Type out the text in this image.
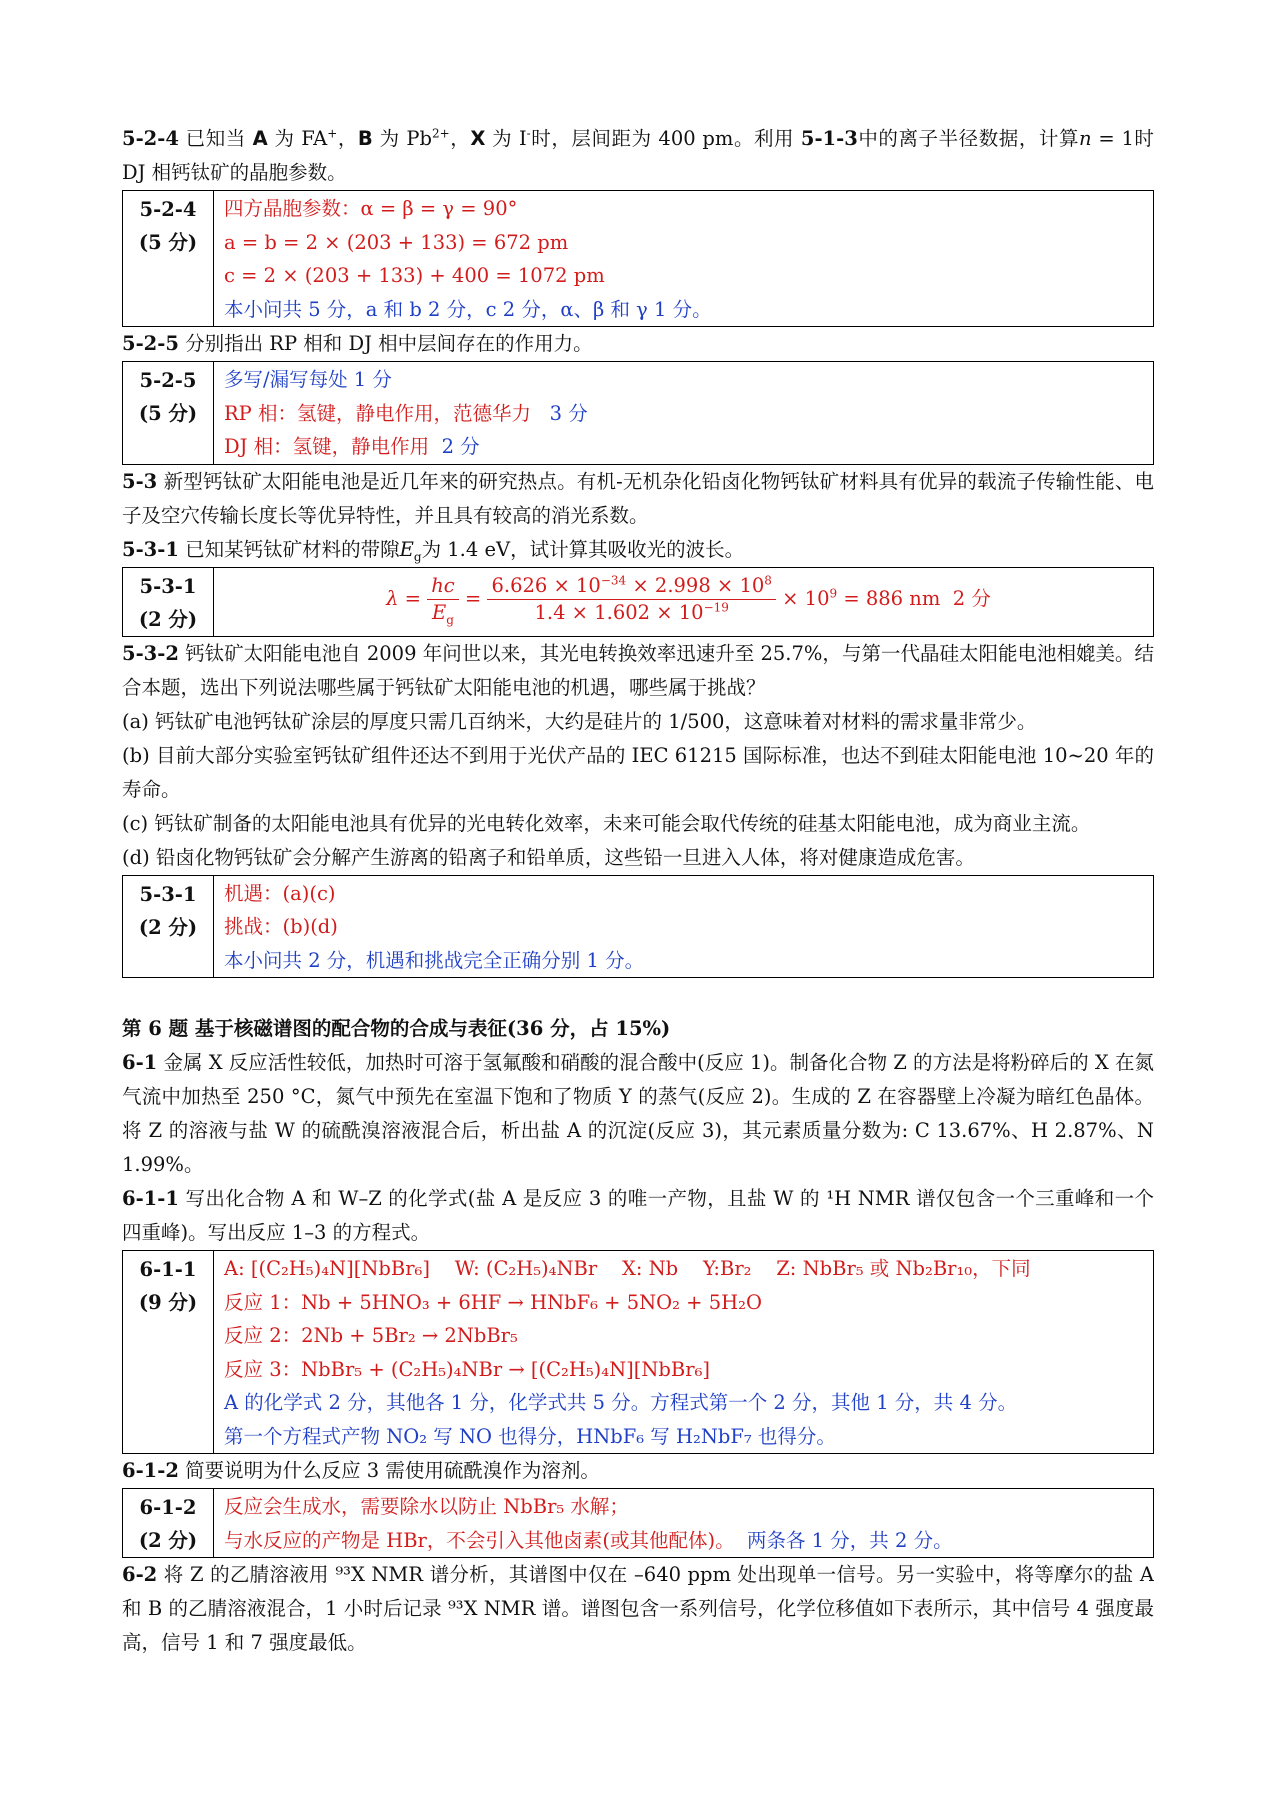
5-2-4 已知当 A 为 FA+，B 为 $Pb^{2+}$，X 为 I-时，层间距为 400 pm。利用 5-1-3中的离子半径数据，计算n = 1时 DJ 相钙钛矿的晶胞参数。

5-2-4
(5 分)
四方晶胞参数：α = β = γ = 90°
a = b = 2 × (203 + 133) = 672 pm
c = 2 × (203 + 133) + 400 = 1072 pm
本小问共 5 分，a 和 b 2 分，c 2 分，α、β 和 γ 1 分。

5-2-5 分别指出 RP 相和 DJ 相中层间存在的作用力。

5-2-5
(5 分)
多写/漏写每处 1 分
RP 相：氢键，静电作用，范德华力 3 分
DJ 相：氢键，静电作用 2 分

5-3 新型钙钛矿太阳能电池是近几年来的研究热点。有机-无机杂化铅卤化物钙钛矿材料具有优异的载流子传输性能、电子及空穴传输长度长等优异特性，并且具有较高的消光系数。

5-3-1 已知某钙钛矿材料的带隙$E_g$为 1.4 eV，试计算其吸收光的波长。

5-3-1
(2 分)
$\lambda = \frac{hc}{E_g} = \frac{6.626 \times 10^{-34} \times 2.998 \times 10^8}{1.4 \times 1.602 \times 10^{-19}} \times 10^9 = 886$ nm 2 分

5-3-2 钙钛矿太阳能电池自 2009 年问世以来，其光电转换效率迅速升至 25.7%，与第一代晶硅太阳能电池相媲美。结合本题，选出下列说法哪些属于钙钛矿太阳能电池的机遇，哪些属于挑战？

(a) 钙钛矿电池钙钛矿涂层的厚度只需几百纳米，大约是硅片的 1/500，这意味着对材料的需求量非常少。

(b) 目前大部分实验室钙钛矿组件还达不到用于光伏产品的 IEC 61215 国际标准，也达不到硅太阳能电池 10~20 年的寿命。

(c) 钙钛矿制备的太阳能电池具有优异的光电转化效率，未来可能会取代传统的硅基太阳能电池，成为商业主流。

(d) 铅卤化物钙钛矿会分解产生游离的铅离子和铅单质，这些铅一旦进入人体，将对健康造成危害。

5-3-1
(2 分)
机遇：(a)(c)
挑战：(b)(d)
本小问共 2 分，机遇和挑战完全正确分别 1 分。

第 6 题 基于核磁谱图的配合物的合成与表征(36 分，占 15%)

6-1 金属 X 反应活性较低，加热时可溶于氢氟酸和硝酸的混合酸中(反应 1)。制备化合物 Z 的方法是将粉碎后的 X 在氮气流中加热至 250 °C，氮气中预先在室温下饱和了物质 Y 的蒸气(反应 2)。生成的 Z 在容器壁上冷凝为暗红色晶体。将 Z 的溶液与盐 W 的硫酰溴溶液混合后，析出盐 A 的沉淀(反应 3)，其元素质量分数为: C 13.67%、H 2.87%、N 1.99%。

6-1-1 写出化合物 A 和 W–Z 的化学式(盐 A 是反应 3 的唯一产物，且盐 W 的 ¹H NMR 谱仅包含一个三重峰和一个四重峰)。写出反应 1–3 的方程式。

6-1-1
(9 分)
A: [(C₂H₅)₄N][NbBr₆]    W: (C₂H₅)₄NBr    X: Nb    Y:Br₂    Z: NbBr₅ 或 Nb₂Br₁₀，下同
反应 1：Nb + 5HNO₃ + 6HF → HNbF₆ + 5NO₂ + 5H₂O
反应 2：2Nb + 5Br₂ → 2NbBr₅
反应 3：NbBr₅ + (C₂H₅)₄NBr → [(C₂H₅)₄N][NbBr₆]
A 的化学式 2 分，其他各 1 分，化学式共 5 分。方程式第一个 2 分，其他 1 分，共 4 分。
第一个方程式产物 NO₂ 写 NO 也得分，HNbF₆ 写 H₂NbF₇ 也得分。

6-1-2 简要说明为什么反应 3 需使用硫酰溴作为溶剂。

6-1-2
(2 分)
反应会生成水，需要除水以防止 NbBr₅ 水解；
与水反应的产物是 HBr，不会引入其他卤素(或其他配体)。 两条各 1 分，共 2 分。

6-2 将 Z 的乙腈溶液用 ⁹³X NMR 谱分析，其谱图中仅在 –640 ppm 处出现单一信号。另一实验中，将等摩尔的盐 A 和 B 的乙腈溶液混合，1 小时后记录 ⁹³X NMR 谱。谱图包含一系列信号，化学位移值如下表所示，其中信号 4 强度最高，信号 1 和 7 强度最低。
